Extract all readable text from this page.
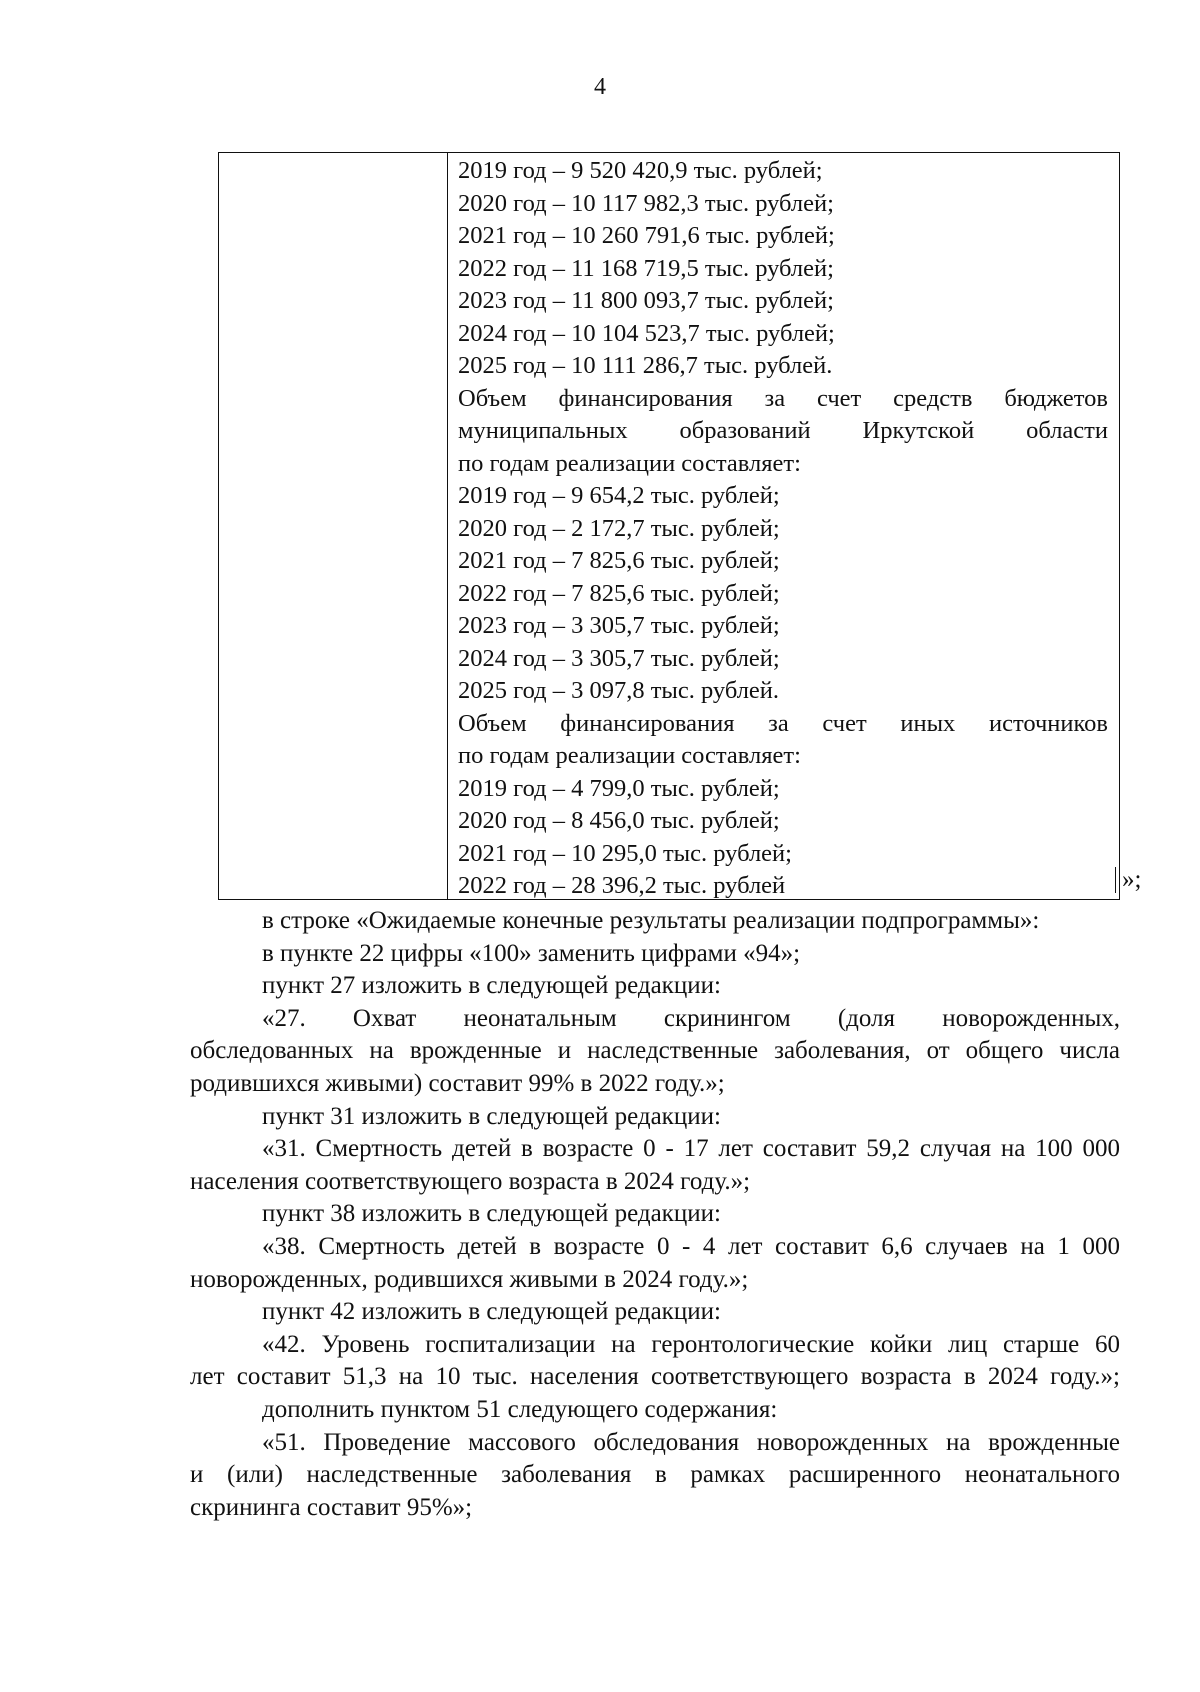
4
2019 год – 9 520 420,9 тыс. рублей;
2020 год – 10 117 982,3 тыс. рублей;
2021 год – 10 260 791,6 тыс. рублей;
2022 год – 11 168 719,5 тыс. рублей;
2023 год – 11 800 093,7 тыс. рублей;
2024 год – 10 104 523,7 тыс. рублей;
2025 год – 10 111 286,7 тыс. рублей.
Объем финансирования за счет средств бюджетов
муниципальных образований Иркутской области
по годам реализации составляет:
2019 год – 9 654,2 тыс. рублей;
2020 год – 2 172,7 тыс. рублей;
2021 год – 7 825,6 тыс. рублей;
2022 год – 7 825,6 тыс. рублей;
2023 год – 3 305,7 тыс. рублей;
2024 год – 3 305,7 тыс. рублей;
2025 год – 3 097,8 тыс. рублей.
Объем финансирования за счет иных источников
по годам реализации составляет:
2019 год – 4 799,0 тыс. рублей;
2020 год – 8 456,0 тыс. рублей;
2021 год – 10 295,0 тыс. рублей;
2022 год – 28 396,2 тыс. рублей	»;
в строке «Ожидаемые конечные результаты реализации подпрограммы»:
в пункте 22 цифры «100» заменить цифрами «94»;
пункт 27 изложить в следующей редакции:
«27. Охват неонатальным скринингом (доля новорожденных,
обследованных на врожденные и наследственные заболевания, от общего числа
родившихся живыми) составит 99% в 2022 году.»;
пункт 31 изложить в следующей редакции:
«31. Смертность детей в возрасте 0 - 17 лет составит 59,2 случая на 100 000
населения соответствующего возраста в 2024 году.»;
пункт 38 изложить в следующей редакции:
«38. Смертность детей в возрасте 0 - 4 лет составит 6,6 случаев на 1 000
новорожденных, родившихся живыми в 2024 году.»;
пункт 42 изложить в следующей редакции:
«42. Уровень госпитализации на геронтологические койки лиц старше 60
лет составит 51,3 на 10 тыс. населения соответствующего возраста в 2024 году.»;
дополнить пунктом 51 следующего содержания:
«51. Проведение массового обследования новорожденных на врожденные
и (или) наследственные заболевания в рамках расширенного неонатального
скрининга составит 95%»;
